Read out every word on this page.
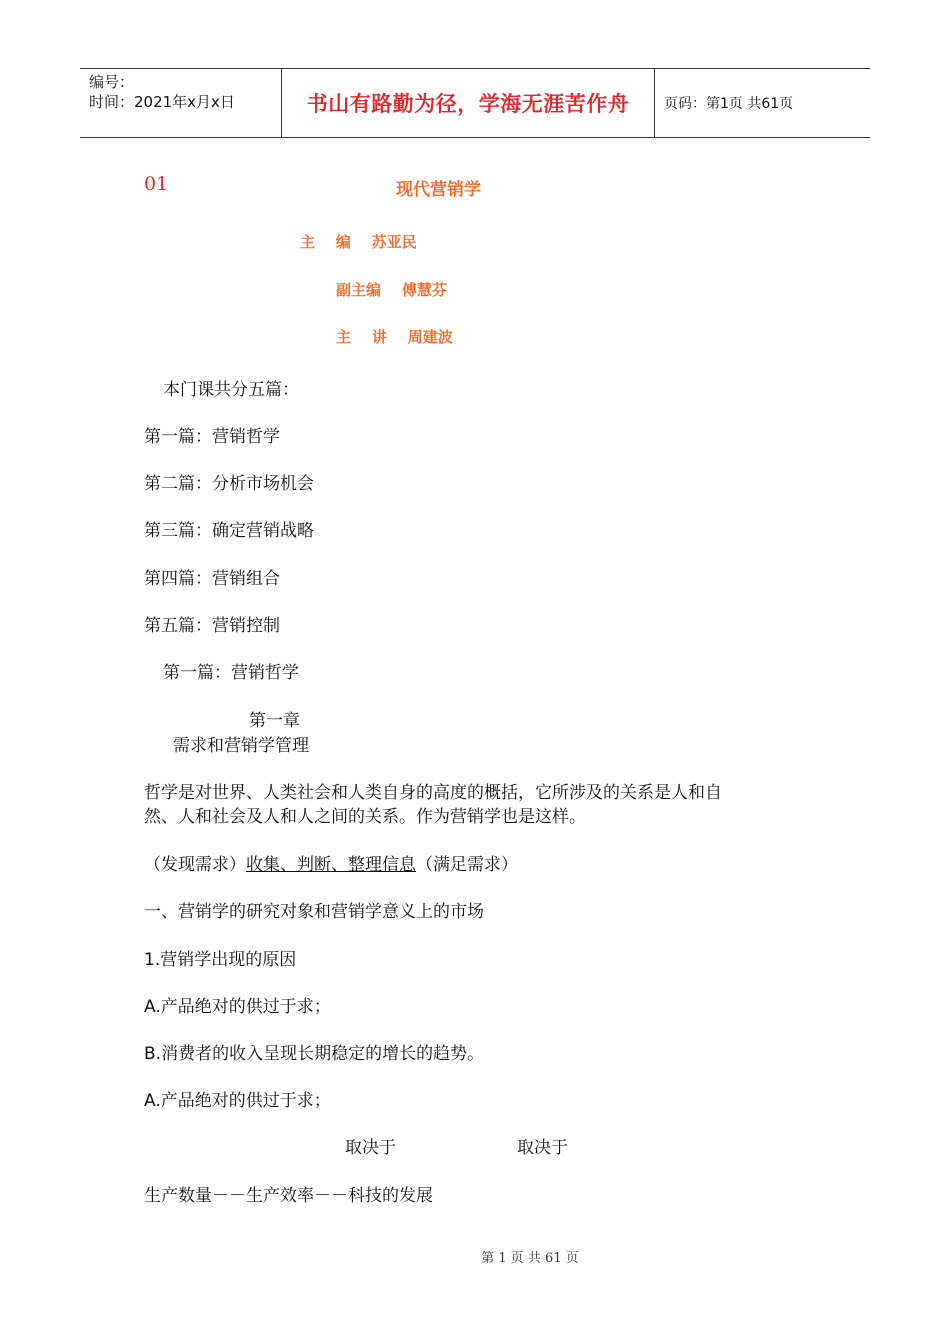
编号：
时间：2021年x月x日	书山有路勤为径，学海无涯苦作舟	页码：第1页 共61页
01	现代营销学
主    编    苏亚民
副主编    傅慧芬
主    讲    周建波
本门课共分五篇：
第一篇：营销哲学
第二篇：分析市场机会
第三篇：确定营销战略
第四篇：营销组合
第五篇：营销控制
第一篇：营销哲学
第一章
需求和营销学管理
哲学是对世界、人类社会和人类自身的高度的概括，它所涉及的关系是人和自
然、人和社会及人和人之间的关系。作为营销学也是这样。
（发现需求）收集、判断、整理信息（满足需求）
一、营销学的研究对象和营销学意义上的市场
1.营销学出现的原因
A.产品绝对的供过于求；
B.消费者的收入呈现长期稳定的增长的趋势。
A.产品绝对的供过于求；
取决于	取决于
生产数量－－生产效率－－科技的发展
第 1 页 共 61 页
